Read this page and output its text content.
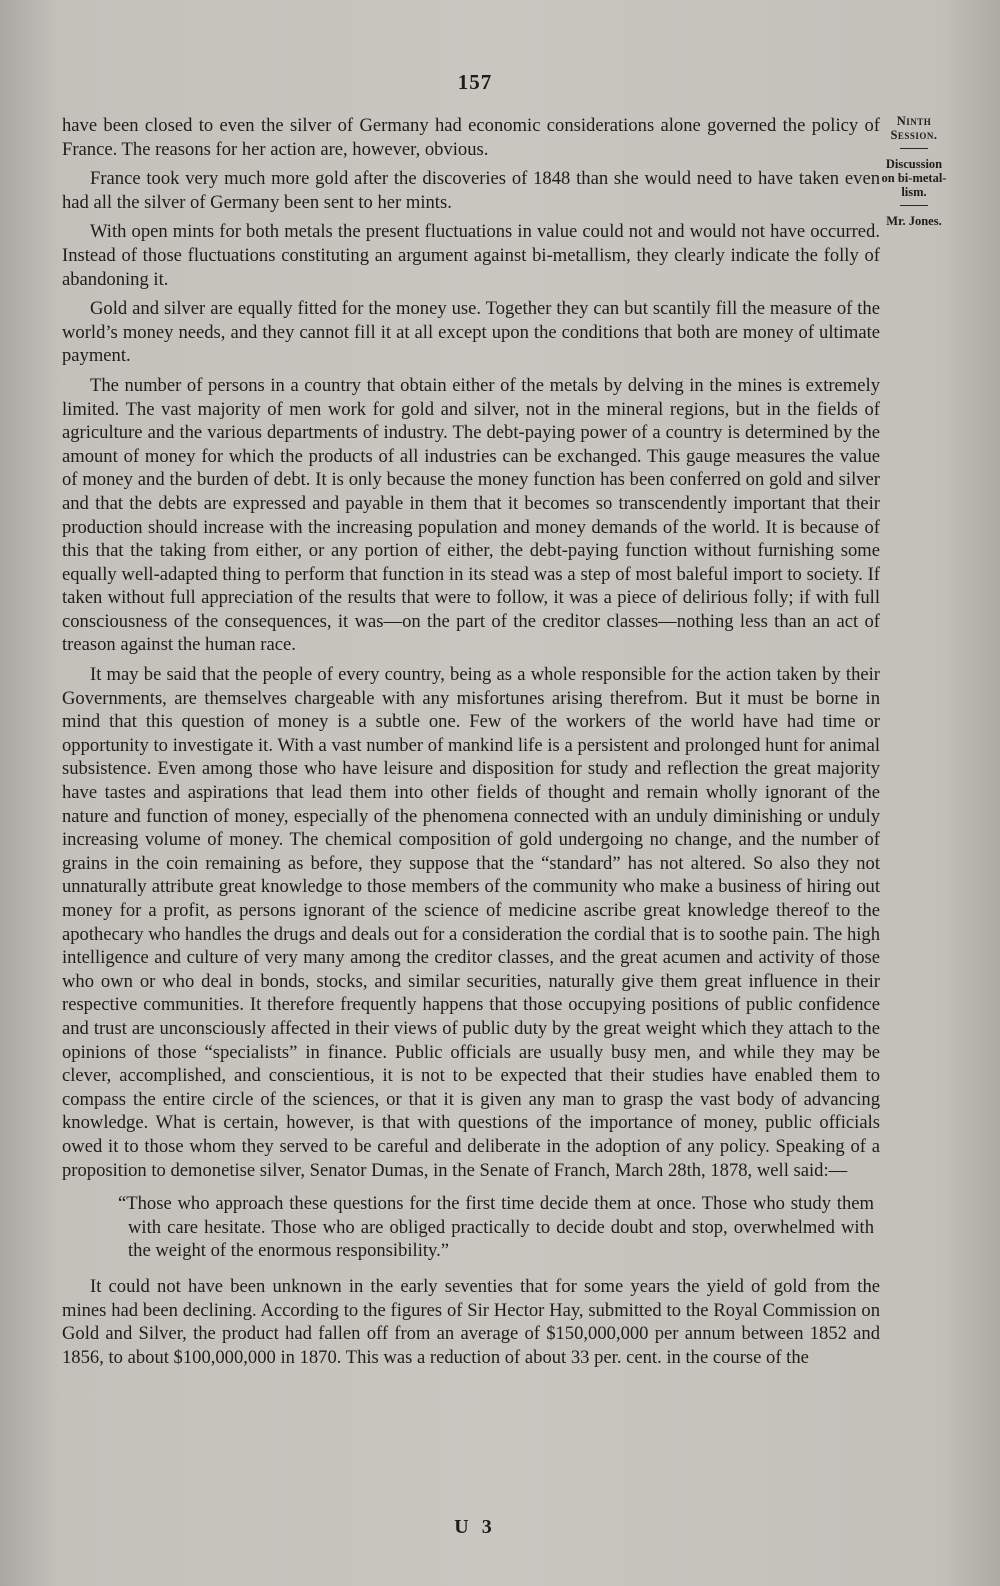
157
Ninth
Session.
Discussion
on bi-metal-
lism.
Mr. Jones.

have been closed to even the silver of Germany had economic considerations alone governed the policy of France. The reasons for her action are, however, obvious.

France took very much more gold after the discoveries of 1848 than she would need to have taken even had all the silver of Germany been sent to her mints.

With open mints for both metals the present fluctuations in value could not and would not have occurred. Instead of those fluctuations constituting an argument against bi-metallism, they clearly indicate the folly of abandoning it.

Gold and silver are equally fitted for the money use. Together they can but scantily fill the measure of the world’s money needs, and they cannot fill it at all except upon the conditions that both are money of ultimate payment.

The number of persons in a country that obtain either of the metals by delving in the mines is extremely limited. The vast majority of men work for gold and silver, not in the mineral regions, but in the fields of agriculture and the various departments of industry. The debt-paying power of a country is determined by the amount of money for which the products of all industries can be exchanged. This gauge measures the value of money and the burden of debt. It is only because the money function has been conferred on gold and silver and that the debts are expressed and payable in them that it becomes so transcendently important that their production should increase with the increasing population and money demands of the world. It is because of this that the taking from either, or any portion of either, the debt-paying function without furnishing some equally well-adapted thing to perform that function in its stead was a step of most baleful import to society. If taken without full appreciation of the results that were to follow, it was a piece of delirious folly; if with full consciousness of the consequences, it was—on the part of the creditor classes—nothing less than an act of treason against the human race.

It may be said that the people of every country, being as a whole responsible for the action taken by their Governments, are themselves chargeable with any misfortunes arising therefrom. But it must be borne in mind that this question of money is a subtle one. Few of the workers of the world have had time or opportunity to investigate it. With a vast number of mankind life is a persistent and prolonged hunt for animal subsistence. Even among those who have leisure and disposition for study and reflection the great majority have tastes and aspirations that lead them into other fields of thought and remain wholly ignorant of the nature and function of money, especially of the phenomena connected with an unduly diminishing or unduly increasing volume of money. The chemical composition of gold undergoing no change, and the number of grains in the coin remaining as before, they suppose that the “standard” has not altered. So also they not unnaturally attribute great knowledge to those members of the community who make a business of hiring out money for a profit, as persons ignorant of the science of medicine ascribe great knowledge thereof to the apothecary who handles the drugs and deals out for a consideration the cordial that is to soothe pain. The high intelligence and culture of very many among the creditor classes, and the great acumen and activity of those who own or who deal in bonds, stocks, and similar securities, naturally give them great influence in their respective communities. It therefore frequently happens that those occupying positions of public confidence and trust are unconsciously affected in their views of public duty by the great weight which they attach to the opinions of those “specialists” in finance. Public officials are usually busy men, and while they may be clever, accomplished, and conscientious, it is not to be expected that their studies have enabled them to compass the entire circle of the sciences, or that it is given any man to grasp the vast body of advancing knowledge. What is certain, however, is that with questions of the importance of money, public officials owed it to those whom they served to be careful and deliberate in the adoption of any policy. Speaking of a proposition to demonetise silver, Senator Dumas, in the Senate of Franch, March 28th, 1878, well said:—

“Those who approach these questions for the first time decide them at once. Those who study them with care hesitate. Those who are obliged practically to decide doubt and stop, overwhelmed with the weight of the enormous responsibility.”

It could not have been unknown in the early seventies that for some years the yield of gold from the mines had been declining. According to the figures of Sir Hector Hay, submitted to the Royal Commission on Gold and Silver, the product had fallen off from an average of $150,000,000 per annum between 1852 and 1856, to about $100,000,000 in 1870. This was a reduction of about 33 per. cent. in the course of the

U 3
